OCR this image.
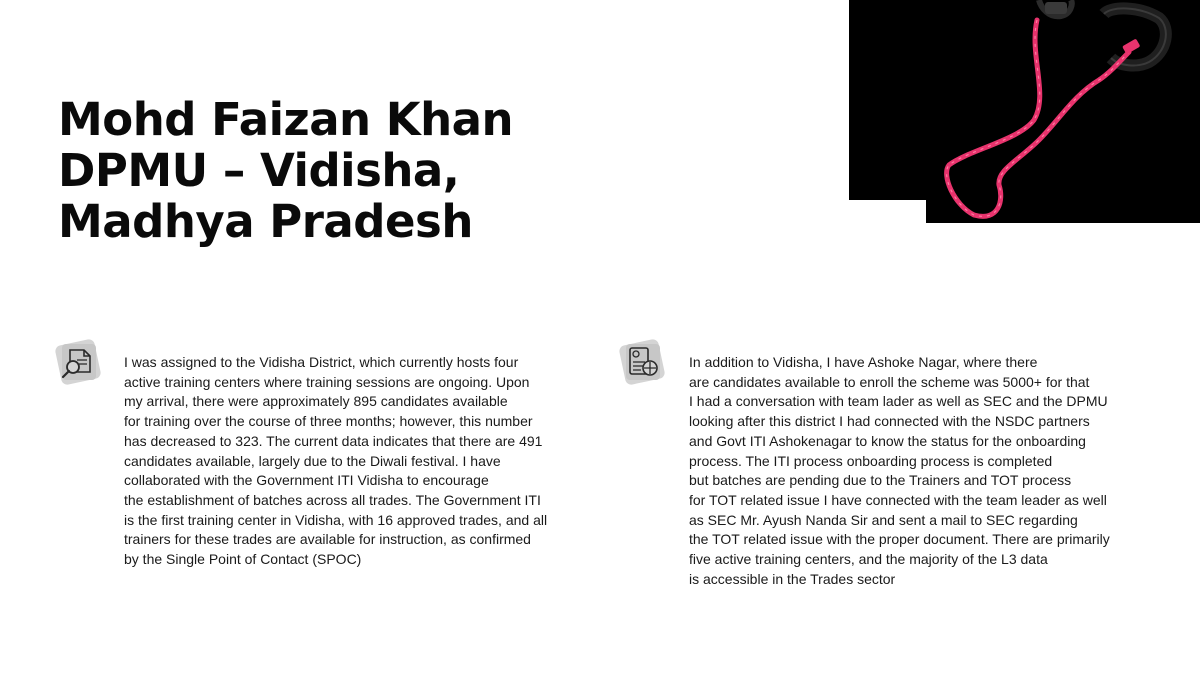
Mohd Faizan Khan
DPMU – Vidisha,
Madhya Pradesh
I was assigned to the Vidisha District, which currently hosts four
active training centers where training sessions are ongoing. Upon
my arrival, there were approximately 895 candidates available
for training over the course of three months; however, this number
has decreased to 323. The current data indicates that there are 491
candidates available, largely due to the Diwali festival. I have
collaborated with the Government ITI Vidisha to encourage
the establishment of batches across all trades. The Government ITI
is the first training center in Vidisha, with 16 approved trades, and all
trainers for these trades are available for instruction, as confirmed
by the Single Point of Contact (SPOC)
In addition to Vidisha, I have Ashoke Nagar, where there
are candidates available to enroll the scheme was 5000+ for that
I had a conversation with team lader as well as SEC and the DPMU
looking after this district I had connected with the NSDC partners
and Govt ITI Ashokenagar to know the status for the onboarding
process. The ITI process onboarding process is completed
but batches are pending due to the Trainers and TOT process
for TOT related issue I have connected with the team leader as well
as SEC Mr. Ayush Nanda Sir and sent a mail to SEC regarding
the TOT related issue with the proper document. There are primarily
five active training centers, and the majority of the L3 data
is accessible in the Trades sector
